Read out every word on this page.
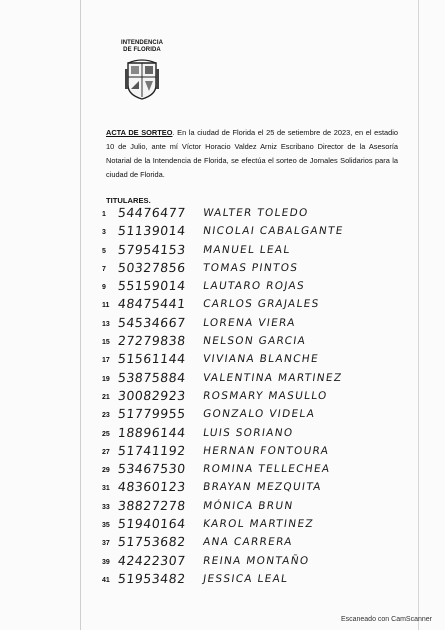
INTENDENCIA
DE FLORIDA
ACTA DE SORTEO. En la ciudad de Florida el 25 de setiembre de 2023, en el estadio 10 de Julio, ante mí Víctor Horacio Valdez Arniz Escribano Director de la Asesoría Notarial de la Intendencia de Florida, se efectúa el sorteo de Jornales Solidarios para la ciudad de Florida.
TITULARES.
1 54476477 WALTER TOLEDO
3 51139014 NICOLAI CABALGANTE
5 57954153 MANUEL LEAL
7 50327856 TOMAS PINTOS
9 55159014 LAUTARO ROJAS
11 48475441 CARLOS GRAJALES
13 54534667 LORENA VIERA
15 27279838 NELSON GARCIA
17 51561144 VIVIANA BLANCHE
19 53875884 VALENTINA MARTINEZ
21 30082923 ROSMARY MASULLO
23 51779955 GONZALO VIDELA
25 18896144 LUIS SORIANO
27 51741192 HERNAN FONTOURA
29 53467530 ROMINA TELLECHEA
31 48360123 BRAYAN MEZQUITA
33 38827278 MÓNICA BRUN
35 51940164 KAROL MARTINEZ
37 51753682 ANA CARRERA
39 42422307 REINA MONTAÑO
41 51953482 JESSICA LEAL
Escaneado con CamScanner
